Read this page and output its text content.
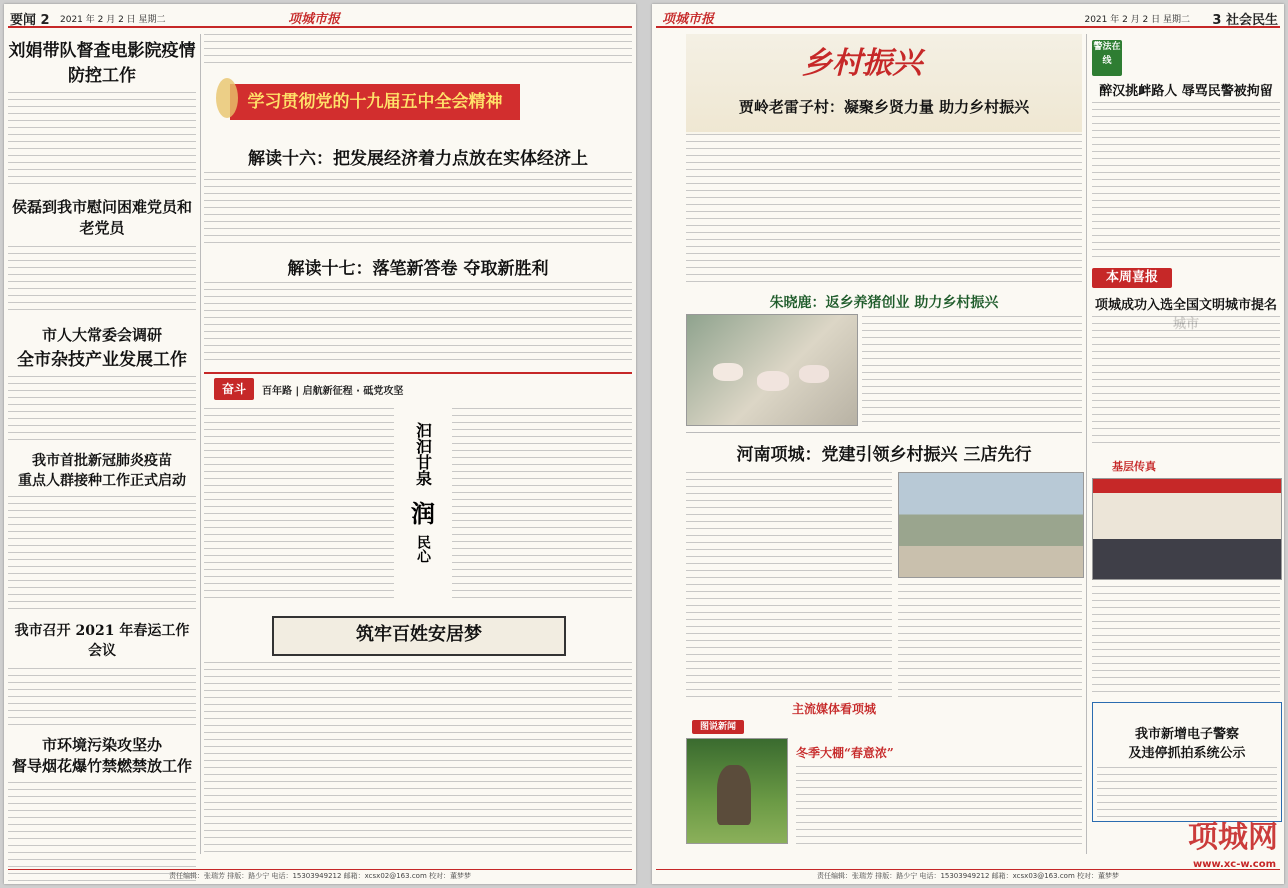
要闻 2 2021 年 2 月 2 日 星期二	项城市报
刘娟带队督查电影院疫情防控工作
侯磊到我市慰问困难党员和老党员
市人大常委会调研
全市杂技产业发展工作
我市首批新冠肺炎疫苗
重点人群接种工作正式启动
我市召开 2021 年春运工作会议
市环境污染攻坚办
督导烟花爆竹禁燃禁放工作
学习贯彻党的十九届五中全会精神
解读十六：把发展经济着力点放在实体经济上
解读十七：落笔新答卷 夺取新胜利
奋斗	百年路 | 启航新征程 · 砥党攻坚
汩汩甘泉
润
民心
筑牢百姓安居梦
责任编辑：张瑞芳 排版：路少宁 电话：15303949212 邮箱：xcsx02@163.com 校对：董梦梦
项城市报	2021 年 2 月 2 日 星期二 3 社会民生
乡村振兴
贾岭老雷子村：凝聚乡贤力量 助力乡村振兴
朱晓鹿：返乡养猪创业 助力乡村振兴
河南项城：党建引领乡村振兴 三店先行
主流媒体看项城
图说新闻
冬季大棚“春意浓”
警法在线
醉汉挑衅路人 辱骂民警被拘留
本周喜报
项城成功入选全国文明城市提名
基层传真
我市新增电子警察
及违停抓拍系统公示
项城网
www.xc-w.com
责任编辑：张瑞芳 排版：路少宁 电话：15303949212 邮箱：xcsx03@163.com 校对：董梦梦
